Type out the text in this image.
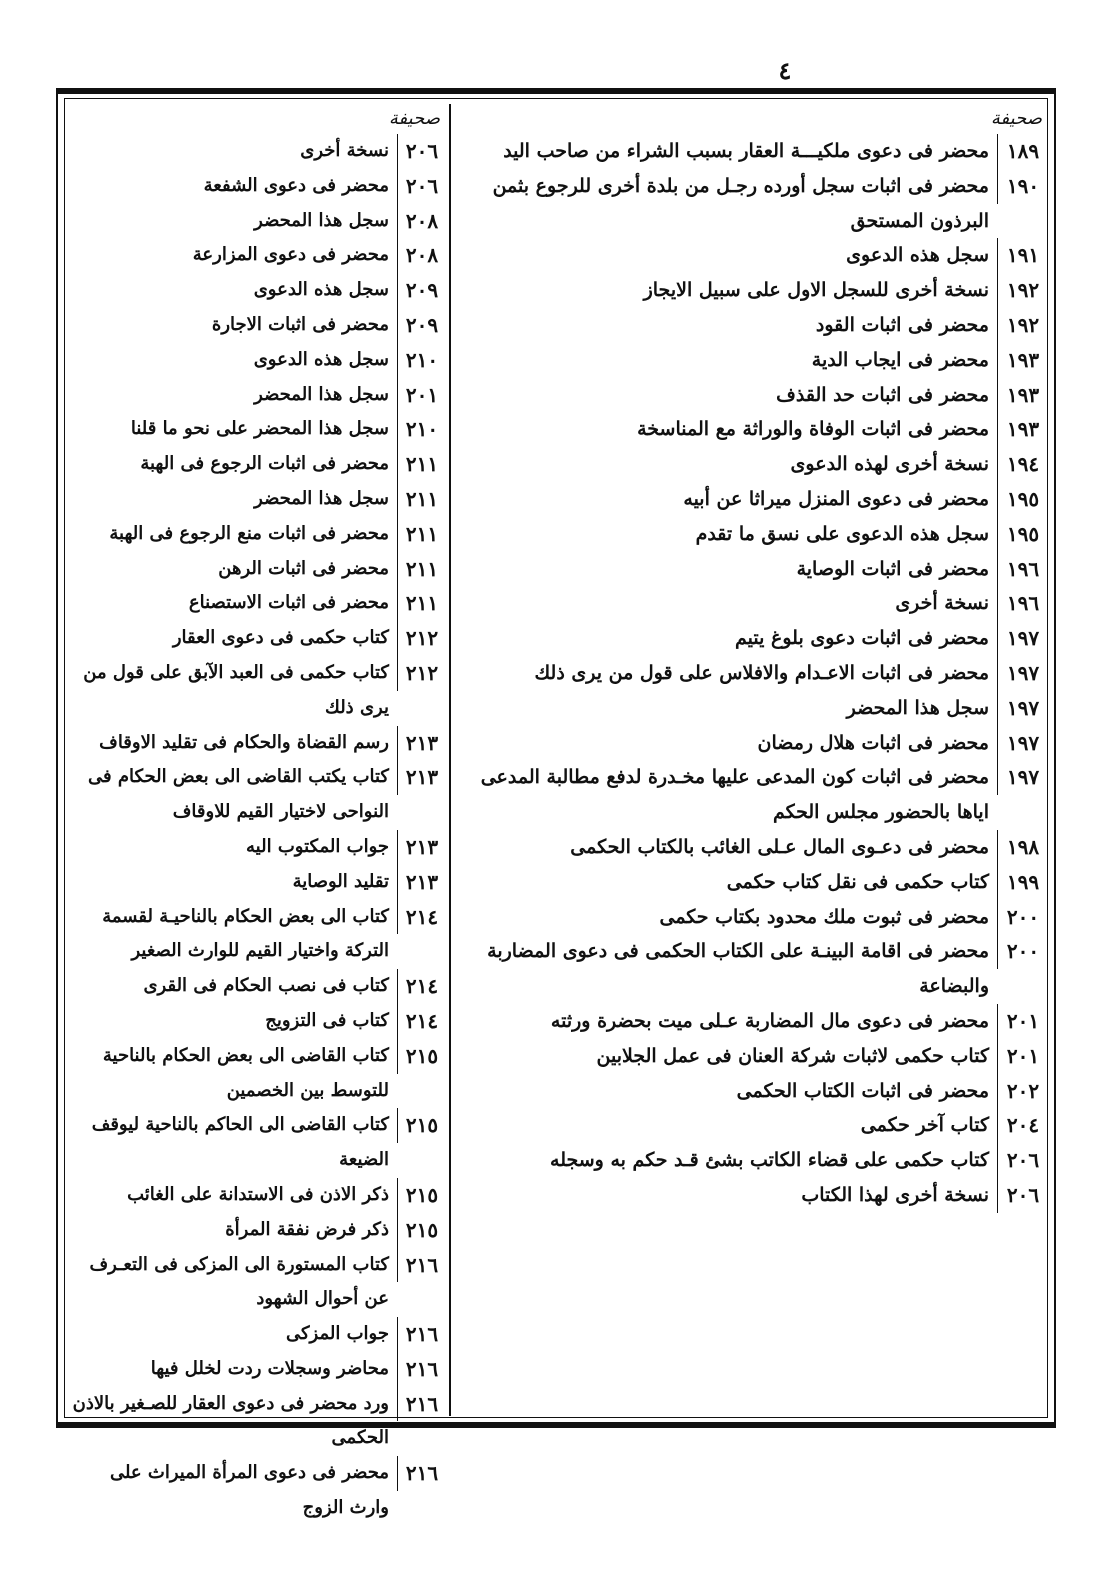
٤
صحيفة
١٨٩
محضر فى دعوى ملكيـــة العقار بسبب الشراء من صاحب اليد
١٩٠
محضر فى اثبات سجل أورده رجـل من بلدة أخرى للرجوع بثمن البرذون المستحق
١٩١
سجل هذه الدعوى
١٩٢
نسخة أخرى للسجل الاول على سبيل الايجاز
١٩٢
محضر فى اثبات القود
١٩٣
محضر فى ايجاب الدية
١٩٣
محضر فى اثبات حد القذف
١٩٣
محضر فى اثبات الوفاة والوراثة مع المناسخة
١٩٤
نسخة أخرى لهذه الدعوى
١٩٥
محضر فى دعوى المنزل ميراثا عن أبيه
١٩٥
سجل هذه الدعوى على نسق ما تقدم
١٩٦
محضر فى اثبات الوصاية
١٩٦
نسخة أخرى
١٩٧
محضر فى اثبات دعوى بلوغ يتيم
١٩٧
محضر فى اثبات الاعـدام والافلاس على قول من يرى ذلك
١٩٧
سجل هذا المحضر
١٩٧
محضر فى اثبات هلال رمضان
١٩٧
محضر فى اثبات كون المدعى عليها مخـدرة لدفع مطالبة المدعى اياها بالحضور مجلس الحكم
١٩٨
محضر فى دعـوى المال عـلى الغائب بالكتاب الحكمى
١٩٩
كتاب حكمى فى نقل كتاب حكمى
٢٠٠
محضر فى ثبوت ملك محدود بكتاب حكمى
٢٠٠
محضر فى اقامة البينـة على الكتاب الحكمى فى دعوى المضاربة والبضاعة
٢٠١
محضر فى دعوى مال المضاربة عـلى ميت بحضرة ورثته
٢٠١
كتاب حكمى لاثبات شركة العنان فى عمل الجلابين
٢٠٢
محضر فى اثبات الكتاب الحكمى
٢٠٤
كتاب آخر حكمى
٢٠٦
كتاب حكمى على قضاء الكاتب بشئ قـد حكم به وسجله
٢٠٦
نسخة أخرى لهذا الكتاب
صحيفة
٢٠٦
نسخة أخرى
٢٠٦
محضر فى دعوى الشفعة
٢٠٨
سجل هذا المحضر
٢٠٨
محضر فى دعوى المزارعة
٢٠٩
سجل هذه الدعوى
٢٠٩
محضر فى اثبات الاجارة
٢١٠
سجل هذه الدعوى
٢٠١
سجل هذا المحضر
٢١٠
سجل هذا المحضر على نحو ما قلنا
٢١١
محضر فى اثبات الرجوع فى الهبة
٢١١
سجل هذا المحضر
٢١١
محضر فى اثبات منع الرجوع فى الهبة
٢١١
محضر فى اثبات الرهن
٢١١
محضر فى اثبات الاستصناع
٢١٢
كتاب حكمى فى دعوى العقار
٢١٢
كتاب حكمى فى العبد الآبق على قول من يرى ذلك
٢١٣
رسم القضاة والحكام فى تقليد الاوقاف
٢١٣
كتاب يكتب القاضى الى بعض الحكام فى النواحى لاختيار القيم للاوقاف
٢١٣
جواب المكتوب اليه
٢١٣
تقليد الوصاية
٢١٤
كتاب الى بعض الحكام بالناحيـة لقسمة التركة واختيار القيم للوارث الصغير
٢١٤
كتاب فى نصب الحكام فى القرى
٢١٤
كتاب فى التزويج
٢١٥
كتاب القاضى الى بعض الحكام بالناحية للتوسط بين الخصمين
٢١٥
كتاب القاضى الى الحاكم بالناحية ليوقف الضيعة
٢١٥
ذكر الاذن فى الاستدانة على الغائب
٢١٥
ذكر فرض نفقة المرأة
٢١٦
كتاب المستورة الى المزكى فى التعـرف عن أحوال الشهود
٢١٦
جواب المزكى
٢١٦
محاضر وسجلات ردت لخلل فيها
٢١٦
ورد محضر فى دعوى العقار للصـغير بالاذن الحكمى
٢١٦
محضر فى دعوى المرأة الميراث على وارث الزوج
